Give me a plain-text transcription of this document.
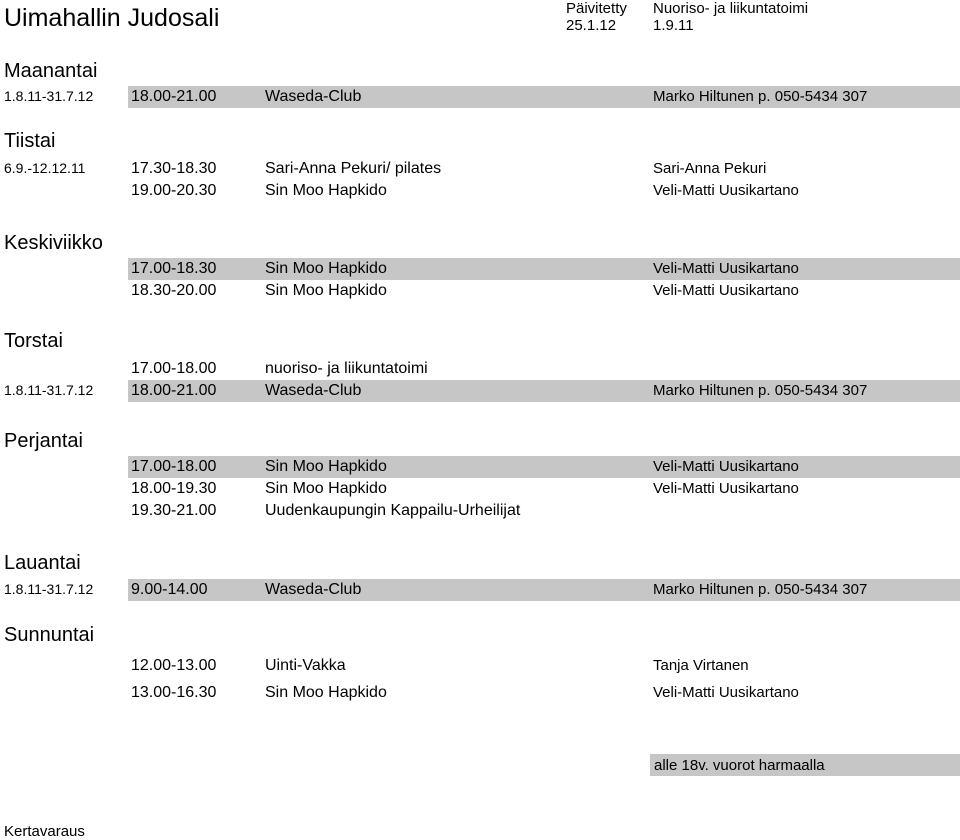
Uimahallin Judosali	Päivitetty
25.1.12
Nuoriso- ja liikuntatoimi
1.9.11
Maanantai
1.8.11-31.7.12 18.00-21.00	Waseda-Club	Marko Hiltunen p. 050-5434 307
Tiistai
6.9.-12.12.11	17.30-18.30	Sari-Anna Pekuri/ pilates	Sari-Anna Pekuri
19.00-20.30	Sin Moo Hapkido	Veli-Matti Uusikartano
Keskiviikko
17.00-18.30	Sin Moo Hapkido	Veli-Matti Uusikartano
18.30-20.00	Sin Moo Hapkido	Veli-Matti Uusikartano
Torstai
17.00-18.00	nuoriso- ja liikuntatoimi
1.8.11-31.7.12 18.00-21.00	Waseda-Club	Marko Hiltunen p. 050-5434 307
Perjantai
17.00-18.00	Sin Moo Hapkido	Veli-Matti Uusikartano
18.00-19.30	Sin Moo Hapkido	Veli-Matti Uusikartano
19.30-21.00	Uudenkaupungin Kappailu-Urheilijat
Lauantai
1.8.11-31.7.12 9.00-14.00	Waseda-Club	Marko Hiltunen p. 050-5434 307
Sunnuntai
12.00-13.00	Uinti-Vakka	Tanja Virtanen
13.00-16.30	Sin Moo Hapkido	Veli-Matti Uusikartano
alle 18v. vuorot harmaalla
Kertavaraus
